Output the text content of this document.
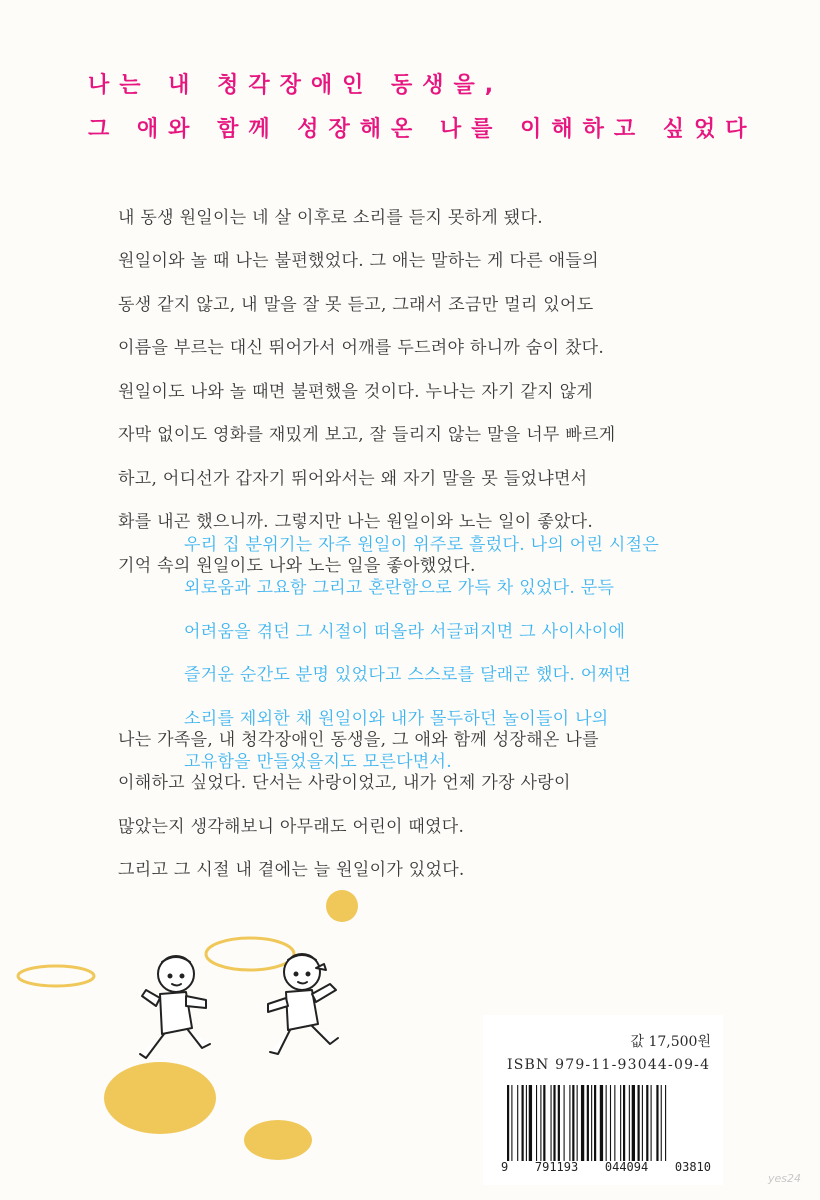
나는 내 청각장애인 동생을,
그 애와 함께 성장해온 나를 이해하고 싶었다
내 동생 원일이는 네 살 이후로 소리를 듣지 못하게 됐다.
원일이와 놀 때 나는 불편했었다. 그 애는 말하는 게 다른 애들의
동생 같지 않고, 내 말을 잘 못 듣고, 그래서 조금만 멀리 있어도
이름을 부르는 대신 뛰어가서 어깨를 두드려야 하니까 숨이 찼다.
원일이도 나와 놀 때면 불편했을 것이다. 누나는 자기 같지 않게
자막 없이도 영화를 재밌게 보고, 잘 들리지 않는 말을 너무 빠르게
하고, 어디선가 갑자기 뛰어와서는 왜 자기 말을 못 들었냐면서
화를 내곤 했으니까. 그렇지만 나는 원일이와 노는 일이 좋았다.
기억 속의 원일이도 나와 노는 일을 좋아했었다.
나는 가족을, 내 청각장애인 동생을, 그 애와 함께 성장해온 나를
이해하고 싶었다. 단서는 사랑이었고, 내가 언제 가장 사랑이
많았는지 생각해보니 아무래도 어린이 때였다.
그리고 그 시절 내 곁에는 늘 원일이가 있었다.
우리 집 분위기는 자주 원일이 위주로 흘렀다. 나의 어린 시절은
외로움과 고요함 그리고 혼란함으로 가득 차 있었다. 문득
어려움을 겪던 그 시절이 떠올라 서글퍼지면 그 사이사이에
즐거운 순간도 분명 있었다고 스스로를 달래곤 했다. 어쩌면
소리를 제외한 채 원일이와 내가 몰두하던 놀이들이 나의
고유함을 만들었을지도 모른다면서.
값 17,500원
ISBN 979-11-93044-09-4
9 791193 044094 03810
yes24
